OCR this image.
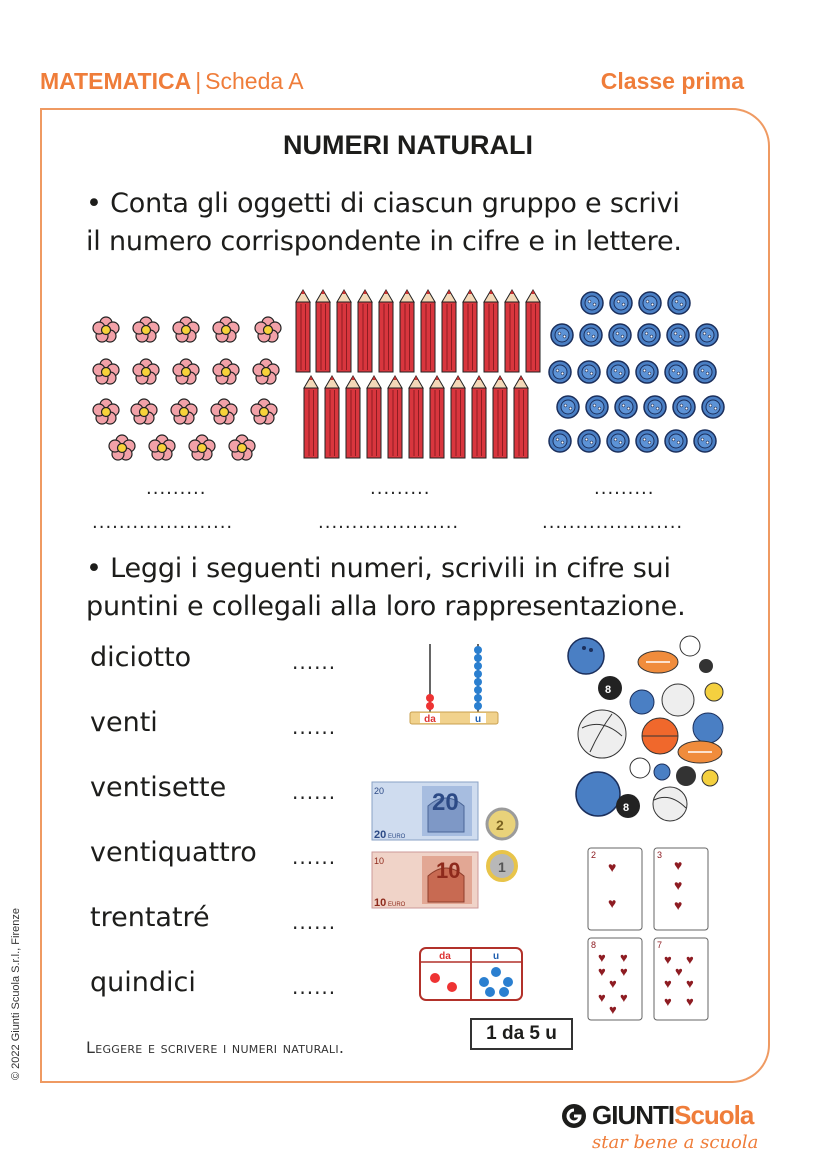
MATEMATICA | Scheda A	Classe prima
NUMERI NATURALI
• Conta gli oggetti di ciascun gruppo e scrivi
il numero corrispondente in cifre e in lettere.
.........	.........	.........
.....................	.....................	.....................
• Leggi i seguenti numeri, scrivili in cifre sui
puntini e collegali alla loro rappresentazione.
diciotto	......
venti	......
ventisette	......
ventiquattro ......
trentatré	......
quindici	......
da	u
20
20
20 EURO
2
10
10
10 EURO
1
da	u
8
8
2
♥
♥
3
♥
♥
♥
8
♥ ♥
♥ ♥
♥
♥ ♥
♥
7
♥ ♥
♥
♥ ♥
♥ ♥
1 da 5 u
Leggere e scrivere i numeri naturali.
© 2022 Giunti Scuola S.r.l., Firenze
GIUNTIScuola
star bene a scuola
